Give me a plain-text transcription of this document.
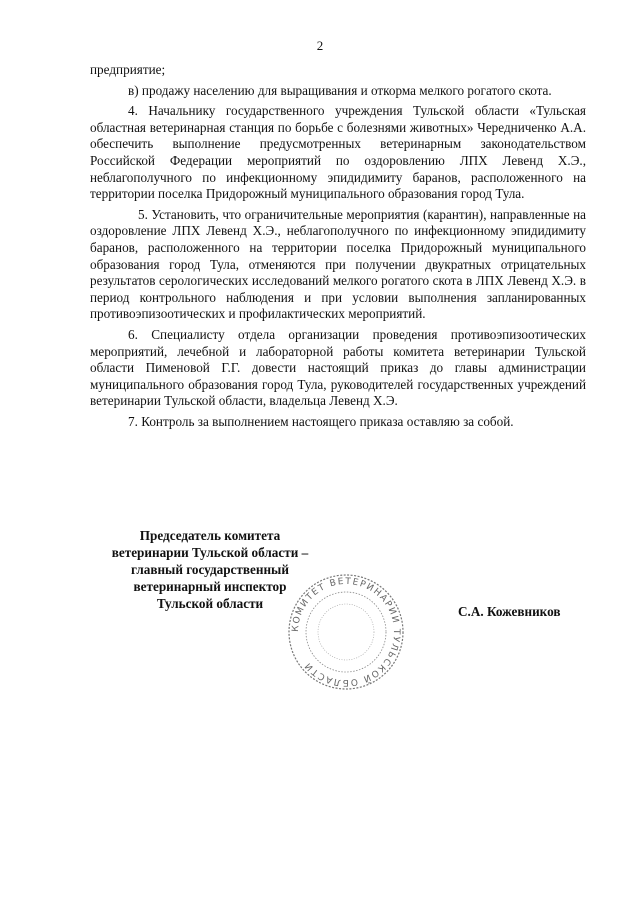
2

предприятие;

в) продажу населению для выращивания и откорма мелкого рогатого скота.

4. Начальнику государственного учреждения Тульской области «Тульская областная ветеринарная станция по борьбе с болезнями животных» Чередниченко А.А. обеспечить выполнение предусмотренных ветеринарным законодательством Российской Федерации мероприятий по оздоровлению ЛПХ Левенд Х.Э., неблагополучного по инфекционному эпидидимиту баранов, расположенного на территории поселка Придорожный муниципального образования город Тула.

5. Установить, что ограничительные мероприятия (карантин), направленные на оздоровление ЛПХ Левенд Х.Э., неблагополучного по инфекционному эпидидимиту баранов, расположенного на территории поселка Придорожный муниципального образования город Тула, отменяются при получении двукратных отрицательных результатов серологических исследований мелкого рогатого скота в ЛПХ Левенд Х.Э. в период контрольного наблюдения и при условии выполнения запланированных противоэпизоотических и профилактических мероприятий.

6. Специалисту отдела организации проведения противоэпизоотических мероприятий, лечебной и лабораторной работы комитета ветеринарии Тульской области Пименовой Г.Г. довести настоящий приказ до главы администрации муниципального образования город Тула, руководителей государственных учреждений ветеринарии Тульской области, владельца Левенд Х.Э.

7. Контроль за выполнением настоящего приказа оставляю за собой.

Председатель комитета
ветеринарии Тульской области –
главный государственный
ветеринарный инспектор
Тульской области
КОМИТЕТ ВЕТЕРИНАРИИ ТУЛЬСКОЙ ОБЛАСТИ
С.А. Кожевников
